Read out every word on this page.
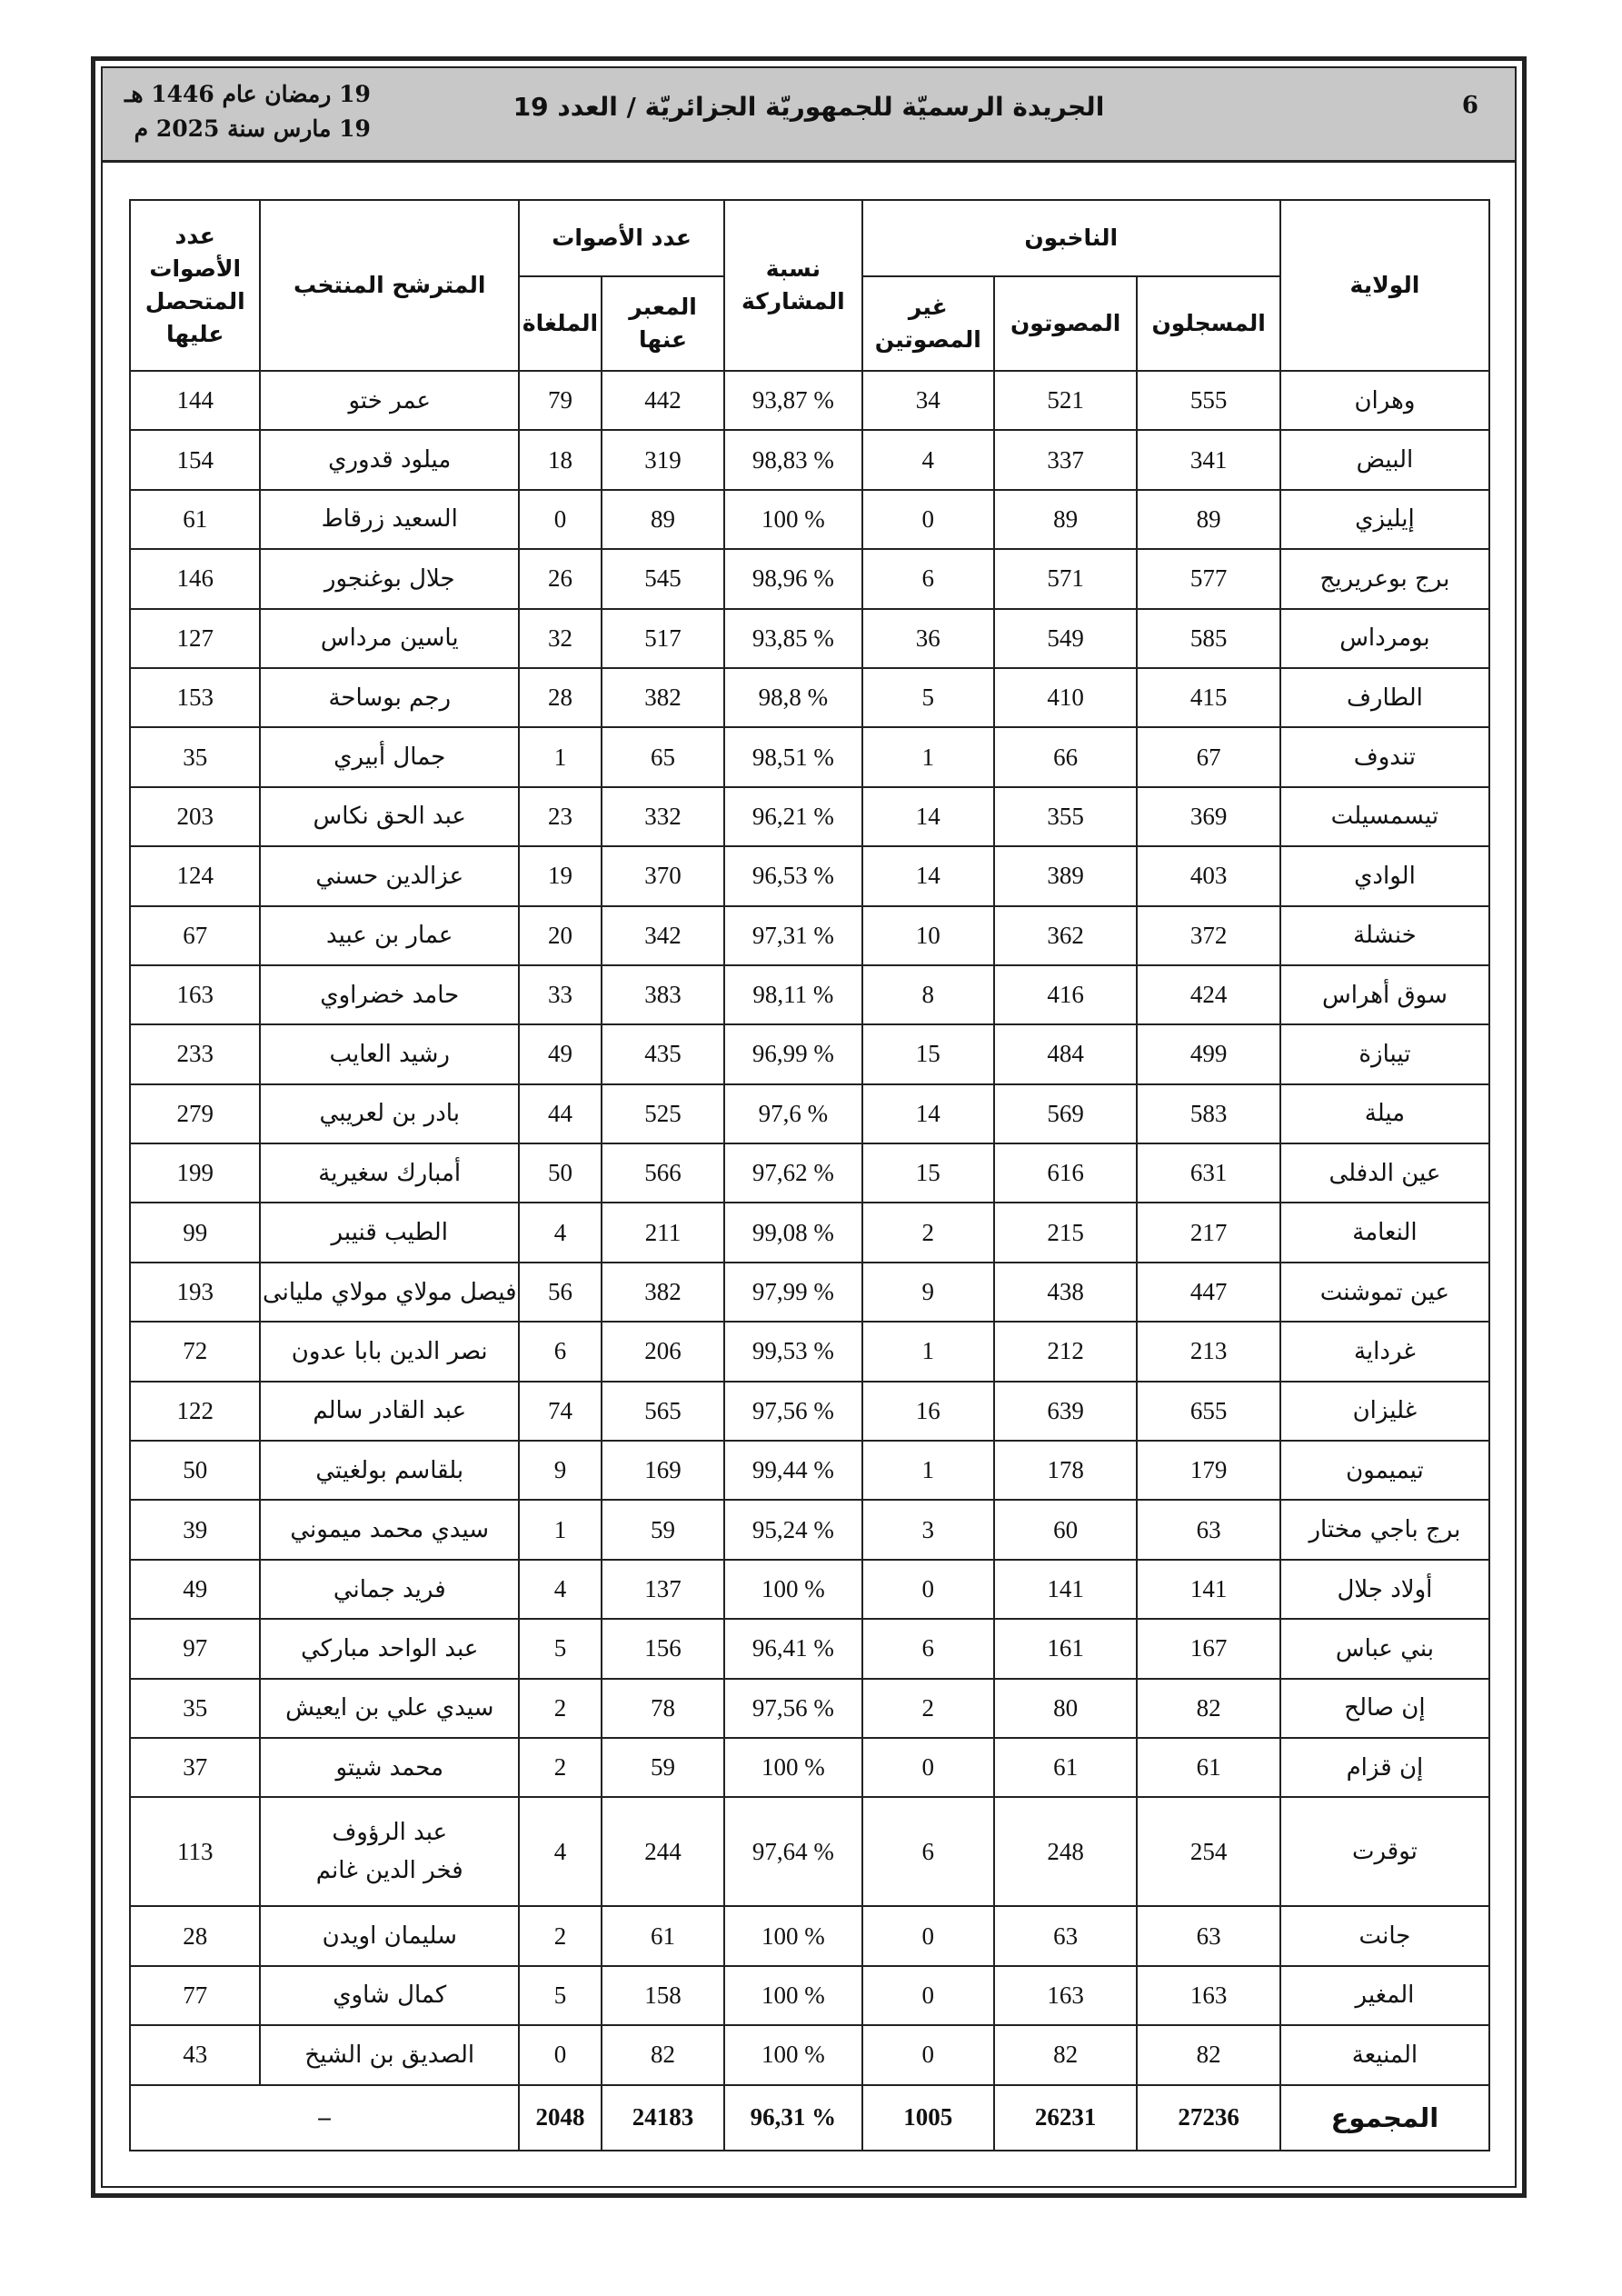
6
الجريدة الرسميّة للجمهوريّة الجزائريّة / العدد 19
19 رمضان عام 1446 هـ
19 مارس سنة 2025 م
الولاية	الناخبون			نسبة المشاركة	عدد الأصوات		المترشح المنتخب	عدد الأصوات المتحصل عليها
	المسجلون	المصوتون	غير المصوتين		المعبر عنها	الملغاة		
وهران	555	521	34	93,87 %	442	79	عمر ختو	144
البيض	341	337	4	98,83 %	319	18	ميلود قدوري	154
إيليزي	89	89	0	100 %	89	0	السعيد زرقاط	61
برج بوعريريج	577	571	6	98,96 %	545	26	جلال بوغنجور	146
بومرداس	585	549	36	93,85 %	517	32	ياسين مرداس	127
الطارف	415	410	5	98,8 %	382	28	رجم بوساحة	153
تندوف	67	66	1	98,51 %	65	1	جمال أبيري	35
تيسمسيلت	369	355	14	96,21 %	332	23	عبد الحق نكاس	203
الوادي	403	389	14	96,53 %	370	19	عزالدين حسني	124
خنشلة	372	362	10	97,31 %	342	20	عمار بن عبيد	67
سوق أهراس	424	416	8	98,11 %	383	33	حامد خضراوي	163
تيبازة	499	484	15	96,99 %	435	49	رشيد العايب	233
ميلة	583	569	14	97,6 %	525	44	بادر بن لعريبي	279
عين الدفلى	631	616	15	97,62 %	566	50	أمبارك سغيرية	199
النعامة	217	215	2	99,08 %	211	4	الطيب قنيبر	99
عين تموشنت	447	438	9	97,99 %	382	56	فيصل مولاي مولاي مليانى	193
غرداية	213	212	1	99,53 %	206	6	نصر الدين بابا عدون	72
غليزان	655	639	16	97,56 %	565	74	عبد القادر سالم	122
تيميمون	179	178	1	99,44 %	169	9	بلقاسم بولغيتي	50
برج باجي مختار	63	60	3	95,24 %	59	1	سيدي محمد ميموني	39
أولاد جلال	141	141	0	100 %	137	4	فريد جماني	49
بني عباس	167	161	6	96,41 %	156	5	عبد الواحد مباركي	97
إن صالح	82	80	2	97,56 %	78	2	سيدي علي بن ايعيش	35
إن قزام	61	61	0	100 %	59	2	محمد شيتو	37
توقرت	254	248	6	97,64 %	244	4	عبد الرؤوف فخر الدين غانم	113
جانت	63	63	0	100 %	61	2	سليمان اويدن	28
المغير	163	163	0	100 %	158	5	كمال شاوي	77
المنيعة	82	82	0	100 %	82	0	الصديق بن الشيخ	43
المجموع	27236	26231	1005	96,31 %	24183	2048	–	
